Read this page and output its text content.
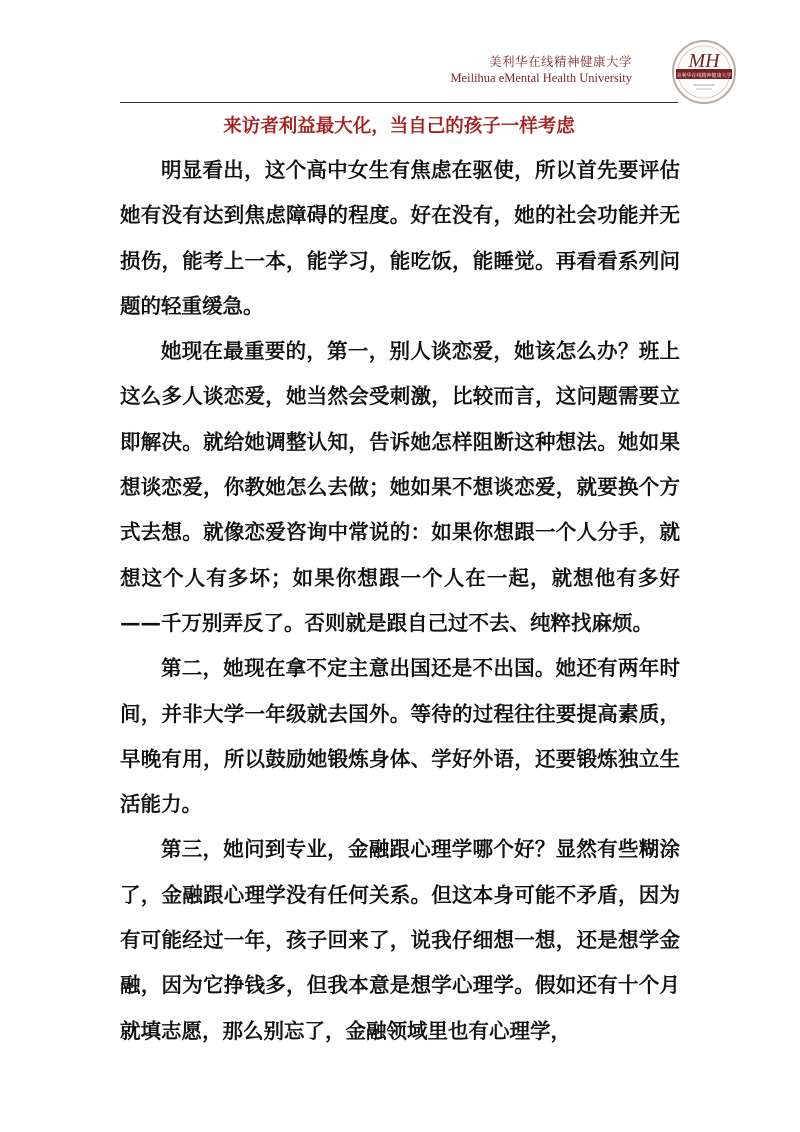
美利华在线精神健康大学
Meilihua eMental Health University
MH
美利华在线精神健康大学
来访者利益最大化，当自己的孩子一样考虑

明显看出，这个高中女生有焦虑在驱使，所以首先要评估她有没有达到焦虑障碍的程度。好在没有，她的社会功能并无损伤，能考上一本，能学习，能吃饭，能睡觉。再看看系列问题的轻重缓急。

她现在最重要的，第一，别人谈恋爱，她该怎么办？班上这么多人谈恋爱，她当然会受刺激，比较而言，这问题需要立即解决。就给她调整认知，告诉她怎样阻断这种想法。她如果想谈恋爱，你教她怎么去做；她如果不想谈恋爱，就要换个方式去想。就像恋爱咨询中常说的：如果你想跟一个人分手，就想这个人有多坏；如果你想跟一个人在一起，就想他有多好——千万别弄反了。否则就是跟自己过不去、纯粹找麻烦。

第二，她现在拿不定主意出国还是不出国。她还有两年时间，并非大学一年级就去国外。等待的过程往往要提高素质，早晚有用，所以鼓励她锻炼身体、学好外语，还要锻炼独立生活能力。

第三，她问到专业，金融跟心理学哪个好？显然有些糊涂了，金融跟心理学没有任何关系。但这本身可能不矛盾，因为有可能经过一年，孩子回来了，说我仔细想一想，还是想学金融，因为它挣钱多，但我本意是想学心理学。假如还有十个月就填志愿，那么别忘了，金融领域里也有心理学，
